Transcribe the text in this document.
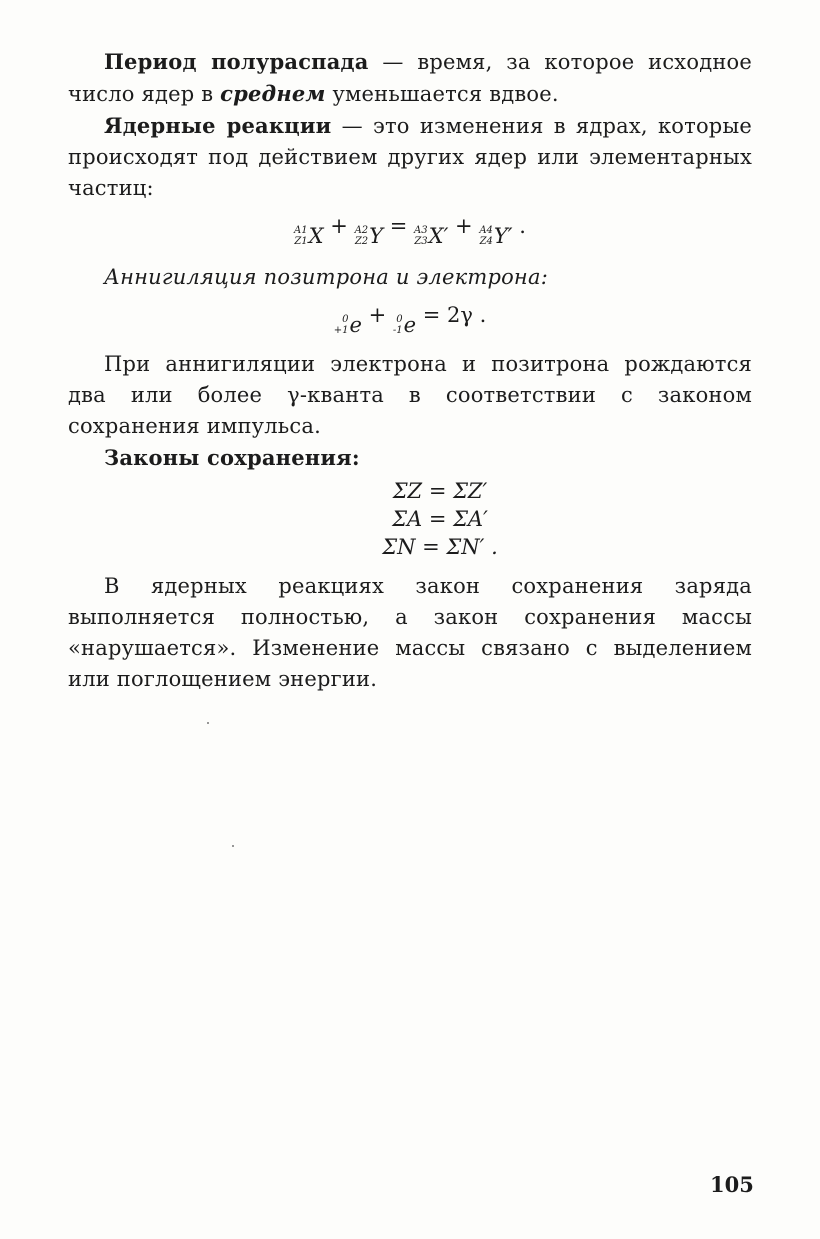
Период полураспада — время, за которое исходное число ядер в среднем уменьшается вдвое.

Ядерные реакции — это изменения в ядрах, которые происходят под действием других ядер или элементарных частиц:

A1
Z1 X + A2
Z2 Y = A3
Z3 X′ + A4
Z4 Y′ .

Аннигиляция позитрона и электрона:

0
+1 e +	0
-1 e = 2γ .

При аннигиляции электрона и позитрона рождаются два или более γ-кванта в соответствии с законом сохранения импульса.

Законы сохранения:

ΣZ = ΣZ′
ΣA = ΣA′
ΣN = ΣN′ .

В ядерных реакциях закон сохранения заряда выполняется полностью, а закон сохранения массы «нарушается». Изменение массы связано с выделением или поглощением энергии.

105
